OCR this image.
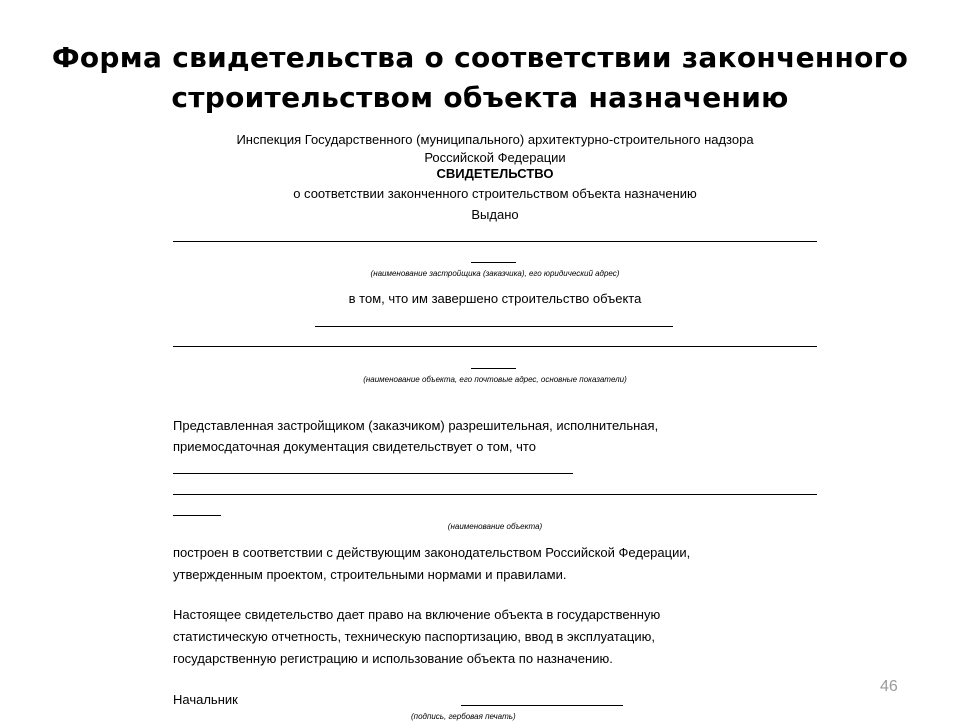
Форма свидетельства о соответствии законченного
строительством объекта назначению
Инспекция Государственного (муниципального) архитектурно-строительного надзора
Российской Федерации
СВИДЕТЕЛЬСТВО
о соответствии законченного строительством объекта назначению
Выдано
(наименование застройщика (заказчика), его юридический адрес)
в том, что им завершено строительство объекта
(наименование объекта, его почтовые адрес, основные показатели)
Представленная застройщиком (заказчиком) разрешительная, исполнительная,
приемосдаточная документация свидетельствует о том, что
(наименование объекта)
построен в соответствии с действующим законодательством Российской Федерации,
утвержденным проектом, строительными нормами и правилами.
Настоящее свидетельство дает право на включение объекта в государственную
статистическую отчетность, техническую паспортизацию, ввод в эксплуатацию,
государственную регистрацию и использование объекта по назначению.
Начальник
(подпись, гербовая печать)
46
